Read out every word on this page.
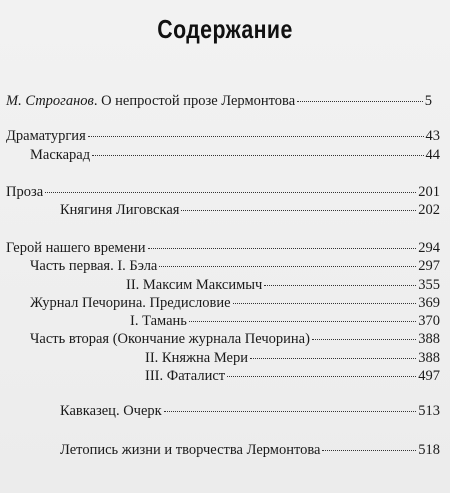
Содержание
М. Строганов . О непростой прозе Лермонтова	5
Драматургия	43
Маскарад	44
Проза	201
Княгиня Лиговская	202
Герой нашего времени	294
Часть первая. I. Бэла	297
II. Максим Максимыч	355
Журнал Печорина. Предисловие	369
I. Тамань	370
Часть вторая (Окончание журнала Печорина)	388
II. Княжна Мери	388
III. Фаталист	497
Кавказец. Очерк	513
Летопись жизни и творчества Лермонтова	518
